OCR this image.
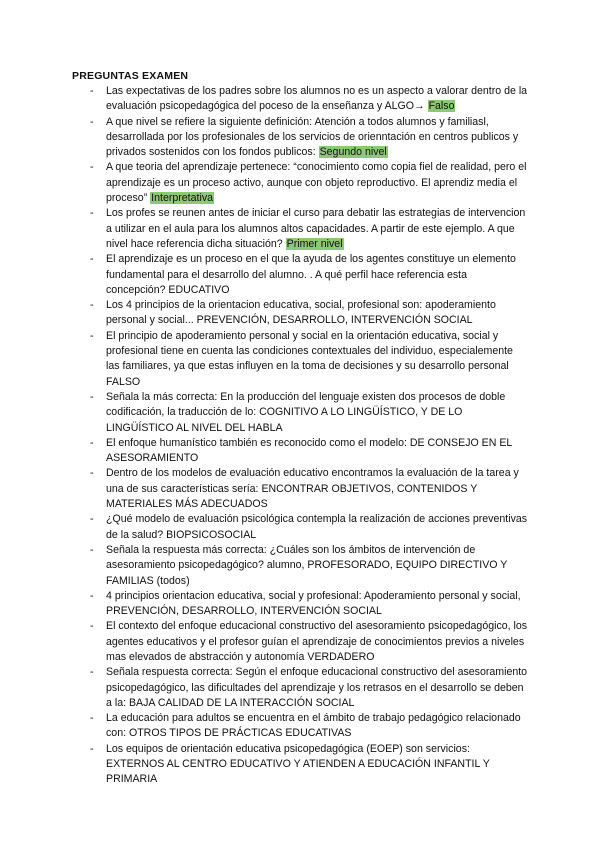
PREGUNTAS EXAMEN
- Las expectativas de los padres sobre los alumnos no es un aspecto a valorar dentro de la evaluación psicopedagógica del poceso de la enseñanza y ALGO→ Falso
- A que nivel se refiere la siguiente definición: Atención a todos alumnos y familiasl, desarrollada por los profesionales de los servicios de orienntación en centros publicos y privados sostenidos con los fondos publicos: Segundo nivel
- A que teoria del aprendizaje pertenece: “conocimiento como copia fiel de realidad, pero el aprendizaje es un proceso activo, aunque con objeto reproductivo. El aprendiz media el proceso” Interpretativa
- Los profes se reunen antes de iniciar el curso para debatir las estrategias de intervencion a utilizar en el aula para los alumnos altos capacidades. A partir de este ejemplo. A que nivel hace referencia dicha situación? Primer nivel
- El aprendizaje es un proceso en el que la ayuda de los agentes constituye un elemento fundamental para el desarrollo del alumno. . A qué perfil hace referencia esta concepción? EDUCATIVO
- Los 4 principios de la orientacion educativa, social, profesional son: apoderamiento personal y social... PREVENCIÓN, DESARROLLO, INTERVENCIÓN SOCIAL
- El principio de apoderamiento personal y social en la orientación educativa, social y profesional tiene en cuenta las condiciones contextuales del individuo, especialemente las familiares, ya que estas influyen en la toma de decisiones y su desarrollo personal FALSO
- Señala la más correcta: En la producción del lenguaje existen dos procesos de doble codificación, la traducción de lo: COGNITIVO A LO LINGÜÍSTICO, Y DE LO LINGÜÍSTICO AL NIVEL DEL HABLA
- El enfoque humanístico también es reconocido como el modelo: DE CONSEJO EN EL ASESORAMIENTO
- Dentro de los modelos de evaluación educativo encontramos la evaluación de la tarea y una de sus características sería: ENCONTRAR OBJETIVOS, CONTENIDOS Y MATERIALES MÁS ADECUADOS
- ¿Qué modelo de evaluación psicológica contempla la realización de acciones preventivas de la salud? BIOPSICOSOCIAL
- Señala la respuesta más correcta: ¿Cuáles son los ámbitos de intervención de asesoramiento psicopedagógico? alumno, PROFESORADO, EQUIPO DIRECTIVO Y FAMILIAS (todos)
- 4 principios orientacion educativa, social y profesional: Apoderamiento personal y social, PREVENCIÓN, DESARROLLO, INTERVENCIÓN SOCIAL
- El contexto del enfoque educacional constructivo del asesoramiento psicopedagógico, los agentes educativos y el profesor guían el aprendizaje de conocimientos previos a niveles mas elevados de abstracción y autonomía VERDADERO
- Señala respuesta correcta: Según el enfoque educacional constructivo del asesoramiento psicopedagógico, las dificultades del aprendizaje y los retrasos en el desarrollo se deben a la: BAJA CALIDAD DE LA INTERACCIÓN SOCIAL
- La educación para adultos se encuentra en el ámbito de trabajo pedagógico relacionado con: OTROS TIPOS DE PRÁCTICAS EDUCATIVAS
- Los equipos de orientación educativa psicopedagógica (EOEP) son servicios: EXTERNOS AL CENTRO EDUCATIVO Y ATIENDEN A EDUCACIÓN INFANTIL Y PRIMARIA
